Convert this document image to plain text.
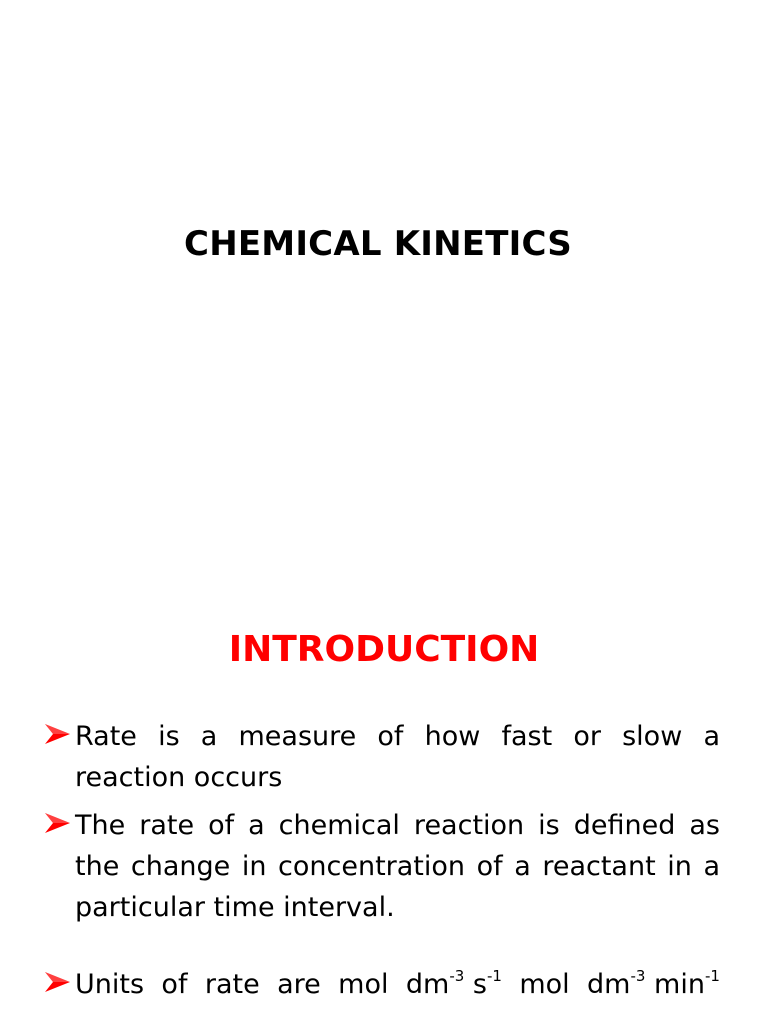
CHEMICAL KINETICS
INTRODUCTION
Rate is a measure of how fast or slow a reaction occurs
The rate of a chemical reaction is defined as the change in concentration of a reactant in a particular time interval.
Units of rate are mol $dm^{-3}$ $s^{-1}$ mol $dm^{-3}$ $\min^{-1}$
